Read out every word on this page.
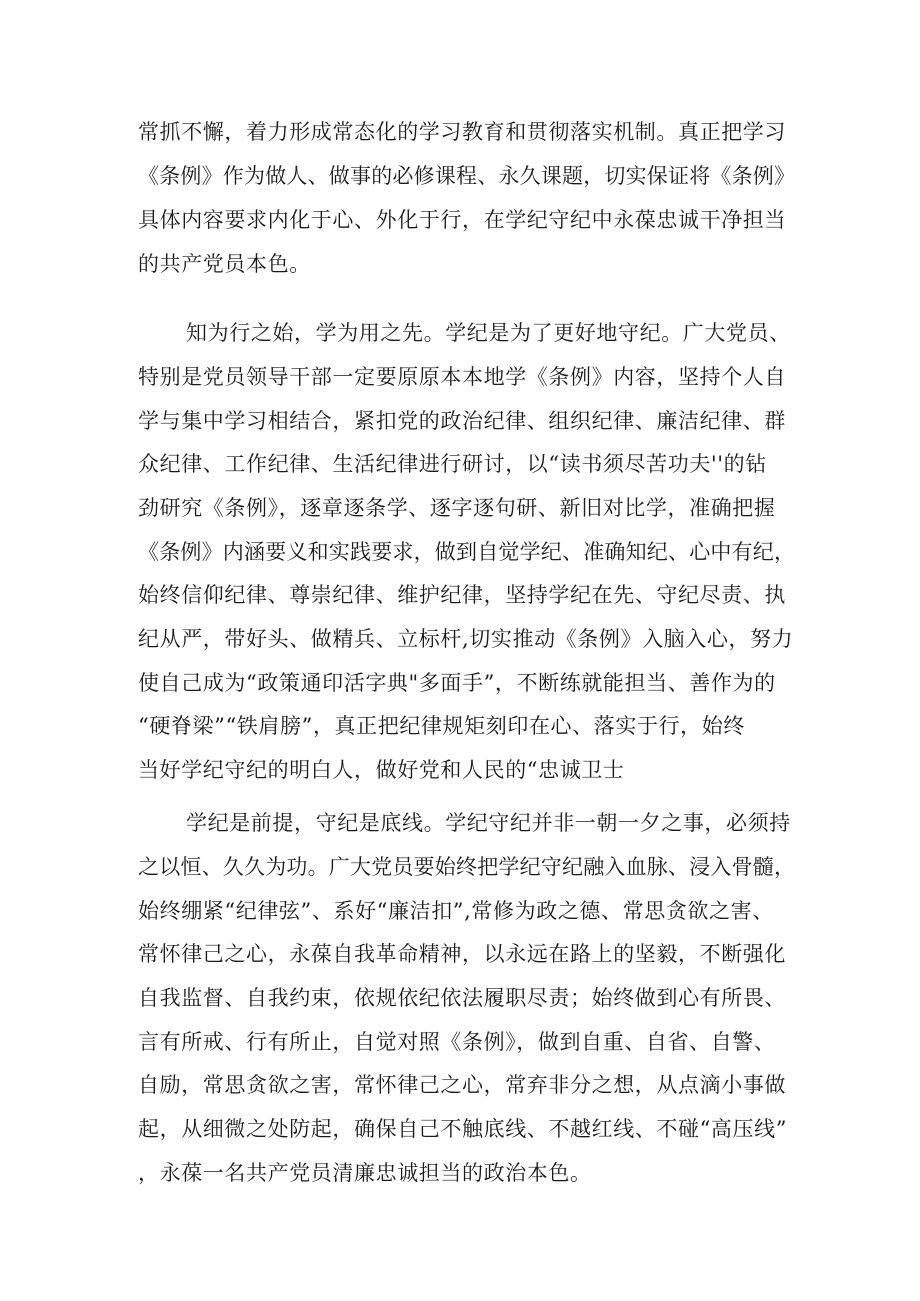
常抓不懈，着力形成常态化的学习教育和贯彻落实机制。真正把学习
《条例》作为做人、做事的必修课程、永久课题，切实保证将《条例》
具体内容要求内化于心、外化于行，在学纪守纪中永葆忠诚干净担当
的共产党员本色。
知为行之始，学为用之先。学纪是为了更好地守纪。广大党员、
特别是党员领导干部一定要原原本本地学《条例》内容，坚持个人自
学与集中学习相结合，紧扣党的政治纪律、组织纪律、廉洁纪律、群
众纪律、工作纪律、生活纪律进行研讨，以“读书须尽苦功夫''的钻
劲研究《条例》，逐章逐条学、逐字逐句研、新旧对比学，准确把握
《条例》内涵要义和实践要求，做到自觉学纪、准确知纪、心中有纪，
始终信仰纪律、尊崇纪律、维护纪律，坚持学纪在先、守纪尽责、执
纪从严，带好头、做精兵、立标杆,切实推动《条例》入脑入心，努力
使自己成为“政策通印活字典"多面手”，不断练就能担当、善作为的
“硬脊梁”“铁肩膀”，真正把纪律规矩刻印在心、落实于行，始终
当好学纪守纪的明白人，做好党和人民的“忠诚卫士
学纪是前提，守纪是底线。学纪守纪并非一朝一夕之事，必须持
之以恒、久久为功。广大党员要始终把学纪守纪融入血脉、浸入骨髓，
始终绷紧“纪律弦”、系好“廉洁扣”,常修为政之德、常思贪欲之害、
常怀律己之心，永葆自我革命精神，以永远在路上的坚毅，不断强化
自我监督、自我约束，依规依纪依法履职尽责；始终做到心有所畏、
言有所戒、行有所止，自觉对照《条例》，做到自重、自省、自警、
自励，常思贪欲之害，常怀律己之心，常弃非分之想，从点滴小事做
起，从细微之处防起，确保自己不触底线、不越红线、不碰“高压线”
，永葆一名共产党员清廉忠诚担当的政治本色。
